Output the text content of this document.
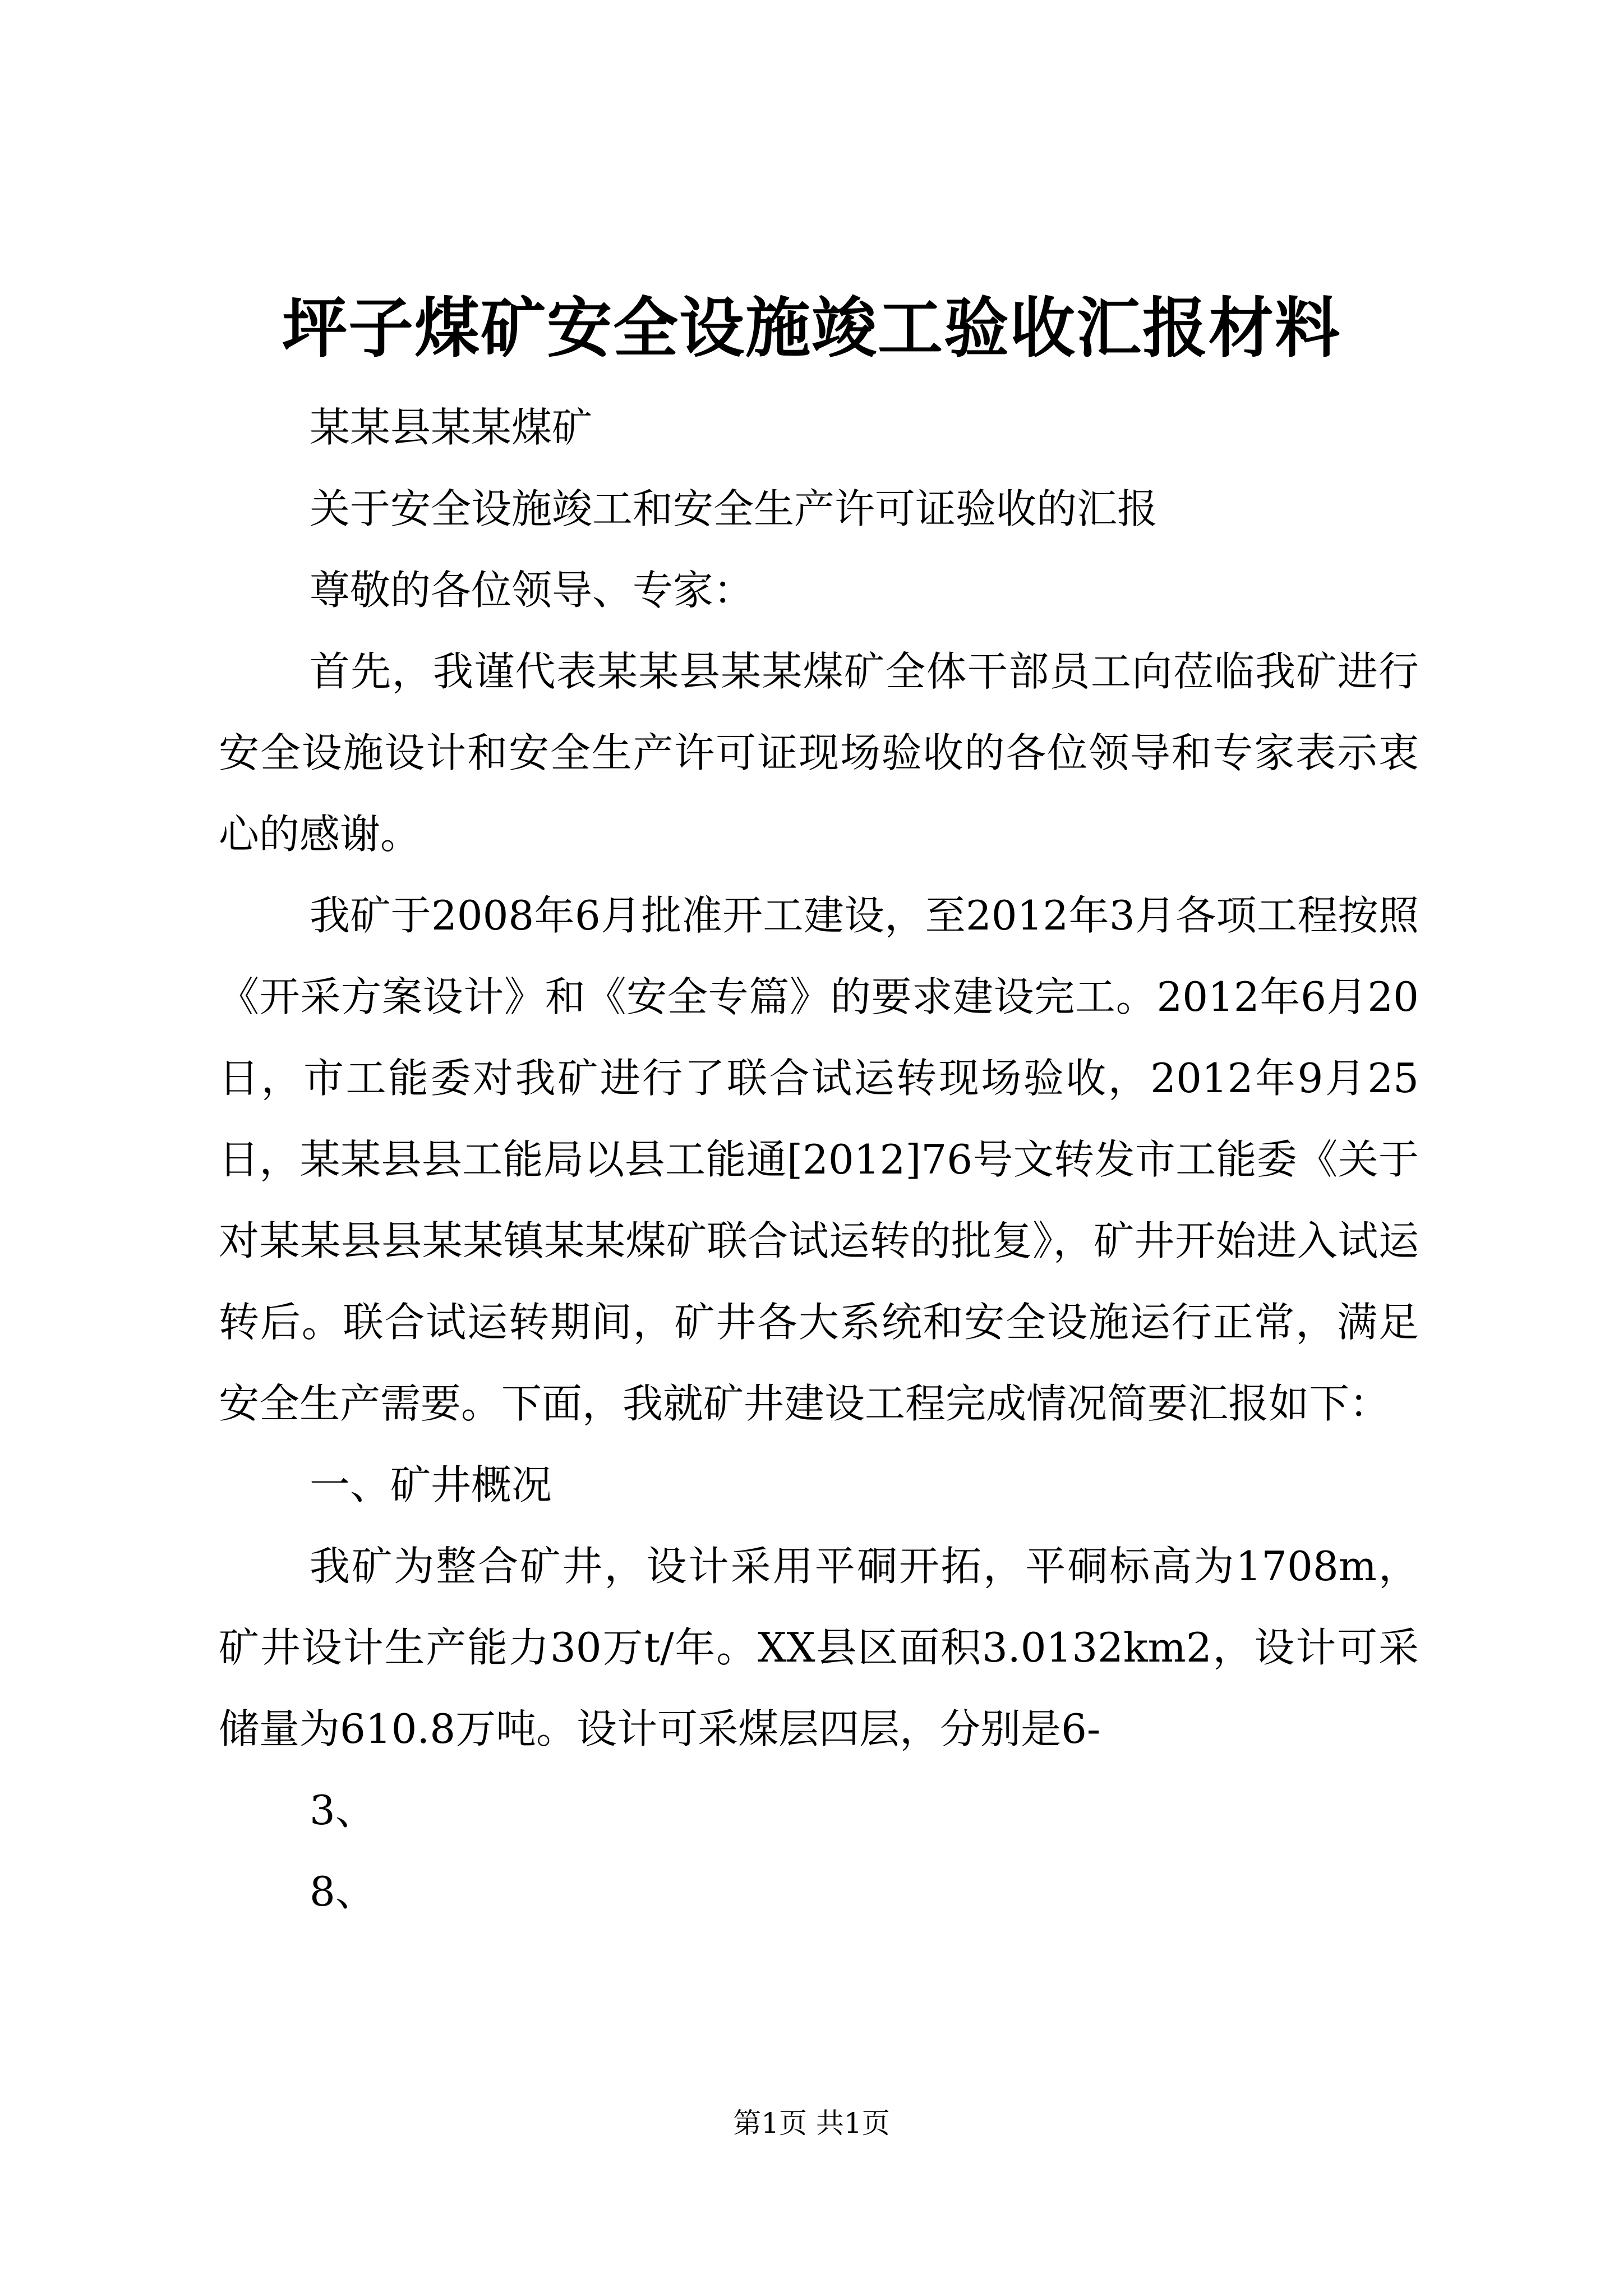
坪子煤矿安全设施竣工验收汇报材料

某某县某某煤矿

关于安全设施竣工和安全生产许可证验收的汇报

尊敬的各位领导、专家：

首先，我谨代表某某县某某煤矿全体干部员工向莅临我矿进行安全设施设计和安全生产许可证现场验收的各位领导和专家表示衷心的感谢。

我矿于2008年6月批准开工建设，至2012年3月各项工程按照《开采方案设计》和《安全专篇》的要求建设完工。2012年6月20日，市工能委对我矿进行了联合试运转现场验收，2012年9月25日，某某县县工能局以县工能通[2012]76号文转发市工能委《关于对某某县县某某镇某某煤矿联合试运转的批复》，矿井开始进入试运转后。联合试运转期间，矿井各大系统和安全设施运行正常，满足安全生产需要。下面，我就矿井建设工程完成情况简要汇报如下：

一、矿井概况

我矿为整合矿井，设计采用平硐开拓，平硐标高为1708m，矿井设计生产能力30万t/年。XX县区面积3.0132km2，设计可采储量为610.8万吨。设计可采煤层四层，分别是6-

3、

8、

第1页 共1页
